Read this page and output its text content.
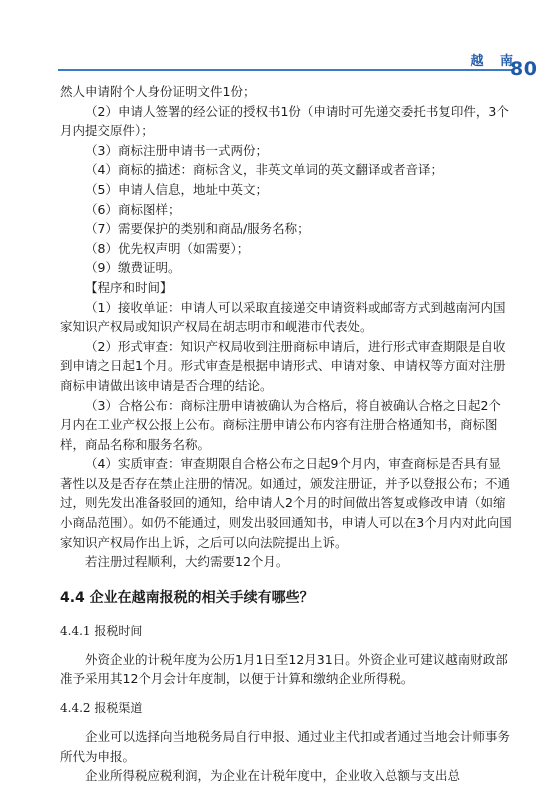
越 南
80

然人申请附个人身份证明文件1份；

（2）申请人签署的经公证的授权书1份（申请时可先递交委托书复印件，3个月内提交原件）；

（3）商标注册申请书一式两份；

（4）商标的描述：商标含义，非英文单词的英文翻译或者音译；

（5）申请人信息，地址中英文；

（6）商标图样；

（7）需要保护的类别和商品/服务名称；

（8）优先权声明（如需要）；

（9）缴费证明。

【程序和时间】

（1）接收单证：申请人可以采取直接递交申请资料或邮寄方式到越南河内国家知识产权局或知识产权局在胡志明市和岘港市代表处。

（2）形式审查：知识产权局收到注册商标申请后，进行形式审查期限是自收到申请之日起1个月。形式审查是根据申请形式、申请对象、申请权等方面对注册商标申请做出该申请是否合理的结论。

（3）合格公布：商标注册申请被确认为合格后，将自被确认合格之日起2个月内在工业产权公报上公布。商标注册申请公布内容有注册合格通知书，商标图样，商品名称和服务名称。

（4）实质审查：审查期限自合格公布之日起9个月内，审查商标是否具有显著性以及是否存在禁止注册的情况。如通过，颁发注册证，并予以登报公布；不通过，则先发出准备驳回的通知，给申请人2个月的时间做出答复或修改申请（如缩小商品范围）。如仍不能通过，则发出驳回通知书，申请人可以在3个月内对此向国家知识产权局作出上诉，之后可以向法院提出上诉。

若注册过程顺利，大约需要12个月。

4.4 企业在越南报税的相关手续有哪些？

4.4.1 报税时间

外资企业的计税年度为公历1月1日至12月31日。外资企业可建议越南财政部准予采用其12个月会计年度制，以便于计算和缴纳企业所得税。

4.4.2 报税渠道

企业可以选择向当地税务局自行申报、通过业主代扣或者通过当地会计师事务所代为申报。

企业所得税应税利润，为企业在计税年度中，企业收入总额与支出总
